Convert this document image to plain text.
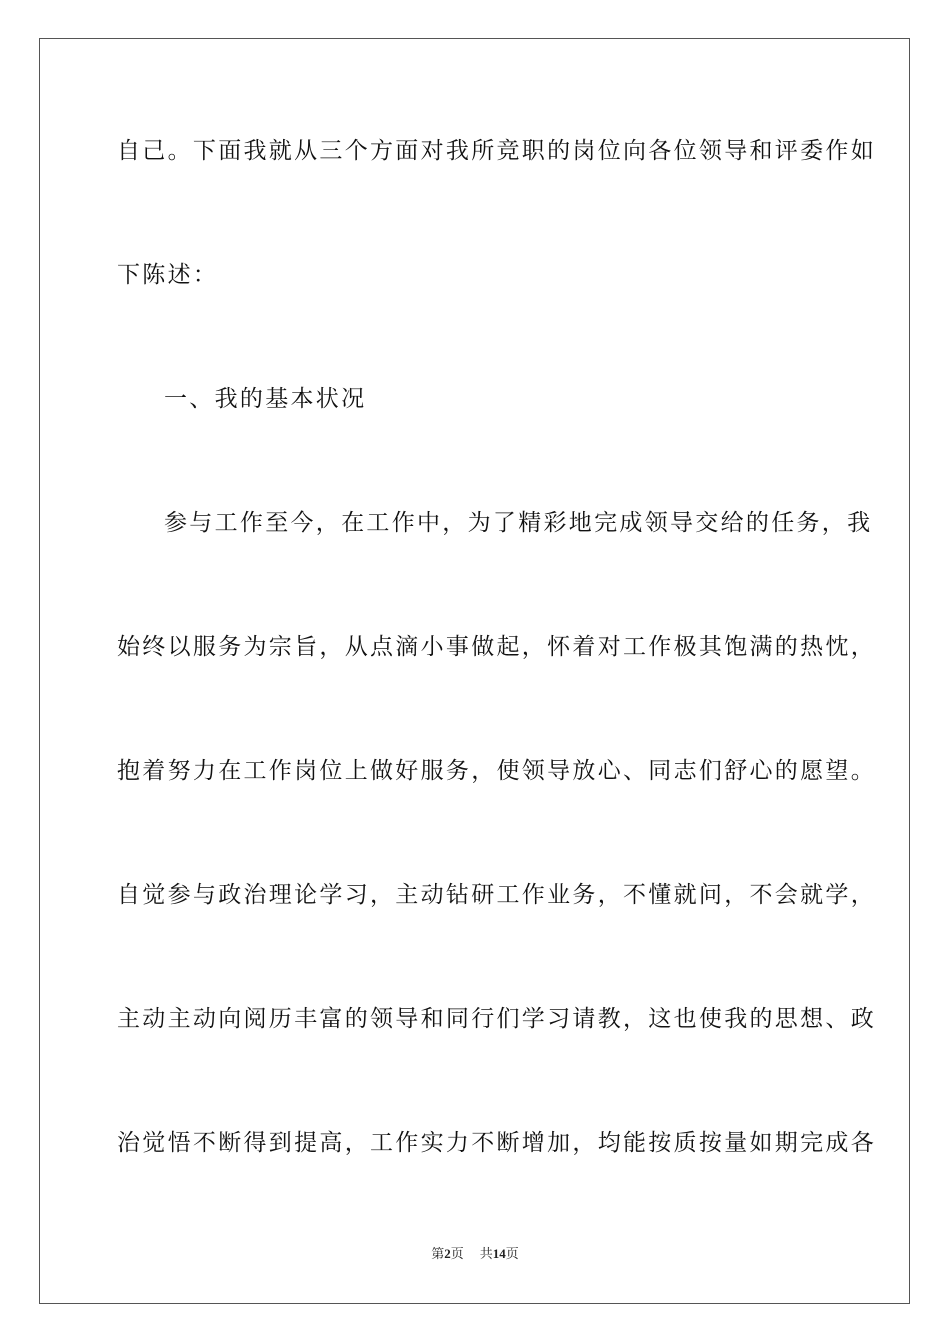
自己。下面我就从三个方面对我所竞职的岗位向各位领导和评委作如
下陈述：
一、我的基本状况
参与工作至今，在工作中，为了精彩地完成领导交给的任务，我
始终以服务为宗旨，从点滴小事做起，怀着对工作极其饱满的热忱，
抱着努力在工作岗位上做好服务，使领导放心、同志们舒心的愿望。
自觉参与政治理论学习，主动钻研工作业务，不懂就问，不会就学，
主动主动向阅历丰富的领导和同行们学习请教，这也使我的思想、政
治觉悟不断得到提高，工作实力不断增加，均能按质按量如期完成各
第2页 共14页
